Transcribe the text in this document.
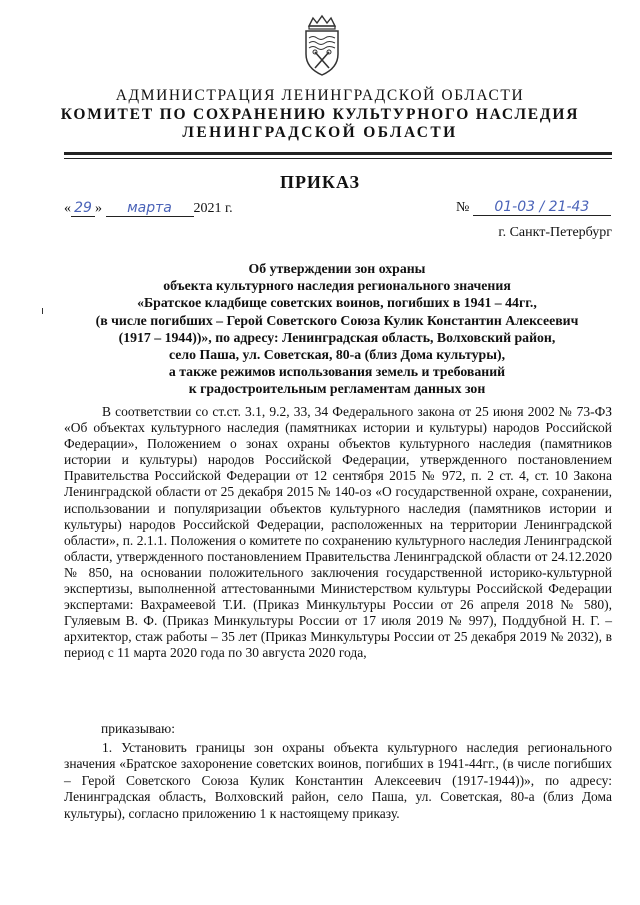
АДМИНИСТРАЦИЯ ЛЕНИНГРАДСКОЙ ОБЛАСТИ
КОМИТЕТ ПО СОХРАНЕНИЮ КУЛЬТУРНОГО НАСЛЕДИЯ
ЛЕНИНГРАДСКОЙ ОБЛАСТИ
ПРИКАЗ
« 29 » марта 2021 г.	№ 01-03 / 21-43
г. Санкт-Петербург
Об утверждении зон охраны
объекта культурного наследия регионального значения
«Братское кладбище советских воинов, погибших в 1941 – 44гг.,
(в числе погибших – Герой Советского Союза Кулик Константин Алексеевич
(1917 – 1944))», по адресу: Ленинградская область, Волховский район,
село Паша, ул. Советская, 80-а (близ Дома культуры),
а также режимов использования земель и требований
к градостроительным регламентам данных зон

В соответствии со ст.ст. 3.1, 9.2, 33, 34 Федерального закона от 25 июня 2002 № 73-ФЗ «Об объектах культурного наследия (памятниках истории и культуры) народов Российской Федерации», Положением о зонах охраны объектов культурного наследия (памятников истории и культуры) народов Российской Федерации, утвержденного постановлением Правительства Российской Федерации от 12 сентября 2015 № 972, п. 2 ст. 4, ст. 10 Закона Ленинградской области от 25 декабря 2015 № 140-оз «О государственной охране, сохранении, использовании и популяризации объектов культурного наследия (памятников истории и культуры) народов Российской Федерации, расположенных на территории Ленинградской области», п. 2.1.1. Положения о комитете по сохранению культурного наследия Ленинградской области, утвержденного постановлением Правительства Ленинградской области от 24.12.2020 № 850, на основании положительного заключения государственной историко-культурной экспертизы, выполненной аттестованными Министерством культуры Российской Федерации экспертами: Вахрамеевой Т.И. (Приказ Минкультуры России от 26 апреля 2018 № 580), Гуляевым В. Ф. (Приказ Минкультуры России от 17 июля 2019 № 997), Поддубной Н. Г. – архитектор, стаж работы – 35 лет (Приказ Минкультуры России от 25 декабря 2019 № 2032), в период с 11 марта 2020 года по 30 августа 2020 года,

приказываю:

1. Установить границы зон охраны объекта культурного наследия регионального значения «Братское захоронение советских воинов, погибших в 1941-44гг., (в числе погибших – Герой Советского Союза Кулик Константин Алексеевич (1917-1944))», по адресу: Ленинградская область, Волховский район, село Паша, ул. Советская, 80-а (близ Дома культуры), согласно приложению 1 к настоящему приказу.
